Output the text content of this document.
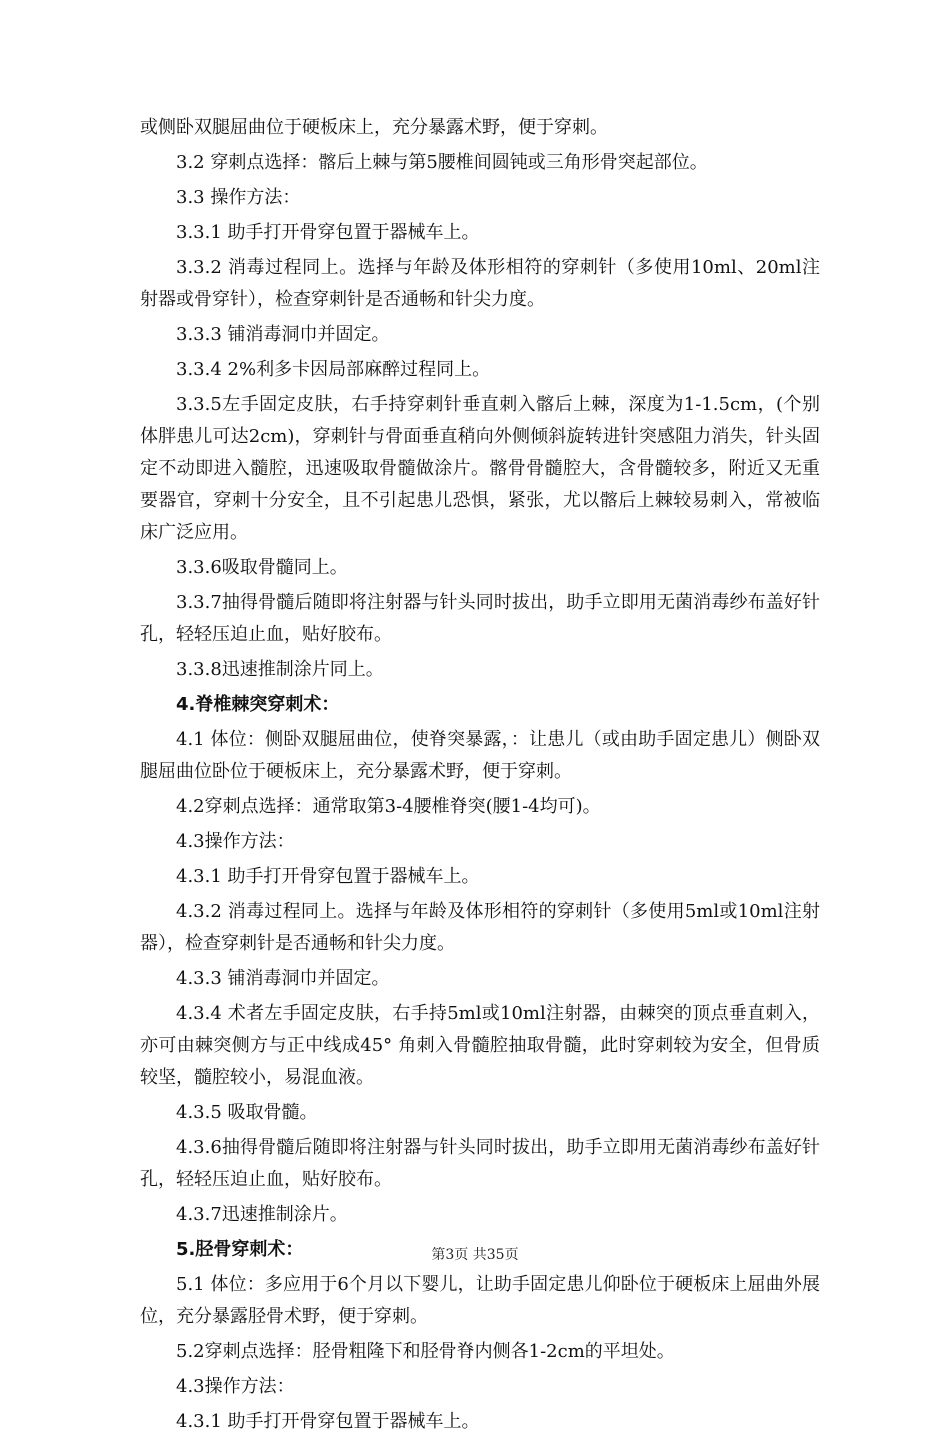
或侧卧双腿屈曲位于硬板床上，充分暴露术野，便于穿刺。

3.2 穿刺点选择：髂后上棘与第5腰椎间圆钝或三角形骨突起部位。

3.3 操作方法：

3.3.1 助手打开骨穿包置于器械车上。

3.3.2 消毒过程同上。选择与年龄及体形相符的穿刺针（多使用10ml、20ml注射器或骨穿针），检查穿刺针是否通畅和针尖力度。

3.3.3 铺消毒洞巾并固定。

3.3.4 2%利多卡因局部麻醉过程同上。

3.3.5左手固定皮肤，右手持穿刺针垂直刺入髂后上棘，深度为1-1.5cm，(个别体胖患儿可达2cm)，穿刺针与骨面垂直稍向外侧倾斜旋转进针突感阻力消失，针头固定不动即进入髓腔，迅速吸取骨髓做涂片。髂骨骨髓腔大，含骨髓较多，附近又无重要器官，穿刺十分安全，且不引起患儿恐惧，紧张，尤以髂后上棘较易刺入，常被临床广泛应用。

3.3.6吸取骨髓同上。

3.3.7抽得骨髓后随即将注射器与针头同时拔出，助手立即用无菌消毒纱布盖好针孔，轻轻压迫止血，贴好胶布。

3.3.8迅速推制涂片同上。

4.脊椎棘突穿刺术：

4.1 体位：侧卧双腿屈曲位，使脊突暴露，：让患儿（或由助手固定患儿）侧卧双腿屈曲位卧位于硬板床上，充分暴露术野，便于穿刺。

4.2穿刺点选择：通常取第3-4腰椎脊突(腰1-4均可)。

4.3操作方法：

4.3.1 助手打开骨穿包置于器械车上。

4.3.2 消毒过程同上。选择与年龄及体形相符的穿刺针（多使用5ml或10ml注射器），检查穿刺针是否通畅和针尖力度。

4.3.3 铺消毒洞巾并固定。

4.3.4 术者左手固定皮肤，右手持5ml或10ml注射器，由棘突的顶点垂直刺入，亦可由棘突侧方与正中线成45° 角刺入骨髓腔抽取骨髓，此时穿刺较为安全，但骨质较坚，髓腔较小，易混血液。

4.3.5 吸取骨髓。

4.3.6抽得骨髓后随即将注射器与针头同时拔出，助手立即用无菌消毒纱布盖好针孔，轻轻压迫止血，贴好胶布。

4.3.7迅速推制涂片。

5.胫骨穿刺术：

5.1 体位：多应用于6个月以下婴儿，让助手固定患儿仰卧位于硬板床上屈曲外展位，充分暴露胫骨术野，便于穿刺。

5.2穿刺点选择：胫骨粗隆下和胫骨脊内侧各1-2cm的平坦处。

4.3操作方法：

4.3.1 助手打开骨穿包置于器械车上。

第3页 共35页
